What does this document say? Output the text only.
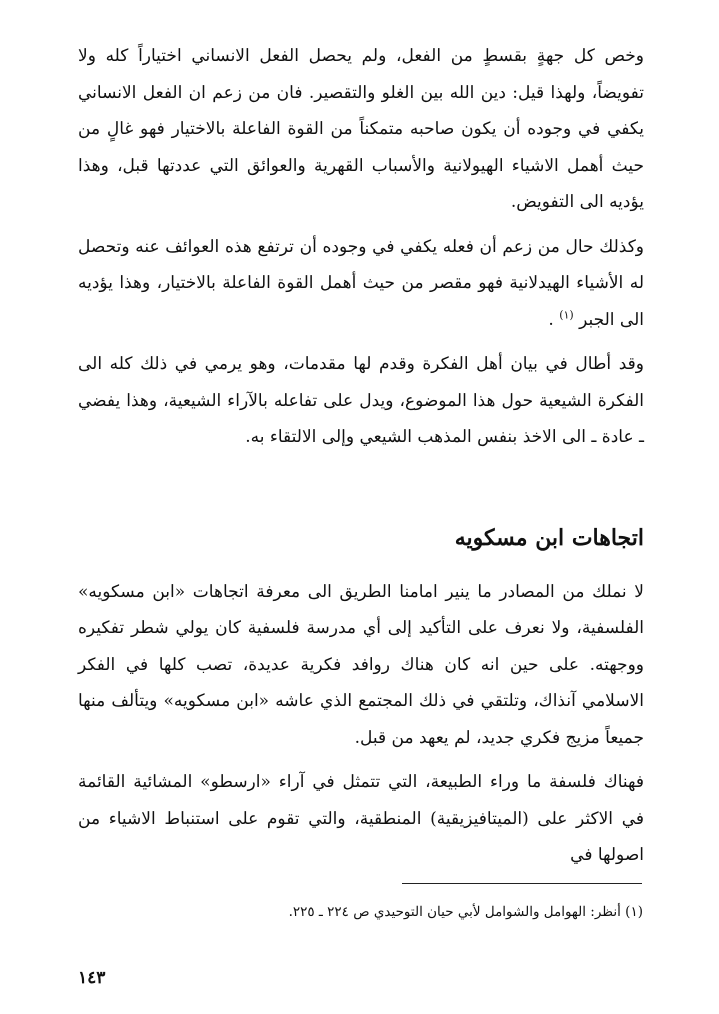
وخص كل جهةٍ بقسطٍ من الفعل، ولم يحصل الفعل الانساني اختياراً كله ولا تفويضاً، ولهذا قيل: دين الله بين الغلو والتقصير. فان من زعم ان الفعل الانساني يكفي في وجوده أن يكون صاحبه متمكناً من القوة الفاعلة بالاختيار فهو غالٍ من حيث أهمل الاشياء الهيولانية والأسباب القهرية والعوائق التي عددتها قبل، وهذا يؤديه الى التفويض.

وكذلك حال من زعم أن فعله يكفي في وجوده أن ترتفع هذه العوائف عنه وتحصل له الأشياء الهيدلانية فهو مقصر من حيث أهمل القوة الفاعلة بالاختيار، وهذا يؤديه الى الجبر $^{(١)}$ .

وقد أطال في بيان أهل الفكرة وقدم لها مقدمات، وهو يرمي في ذلك كله الى الفكرة الشيعية حول هذا الموضوع، ويدل على تفاعله بالآراء الشيعية، وهذا يفضي ـ عادة ـ الى الاخذ بنفس المذهب الشيعي وإلى الالتقاء به.

اتجاهات ابن مسكويه

لا نملك من المصادر ما ينير امامنا الطريق الى معرفة اتجاهات «ابن مسكويه» الفلسفية، ولا نعرف على التأكيد إلى أي مدرسة فلسفية كان يولي شطر تفكيره ووجهته. على حين انه كان هناك روافد فكرية عديدة، تصب كلها في الفكر الاسلامي آنذاك، وتلتقي في ذلك المجتمع الذي عاشه «ابن مسكويه» ويتألف منها جميعاً مزيج فكري جديد، لم يعهد من قبل.

فهناك فلسفة ما وراء الطبيعة، التي تتمثل في آراء «ارسطو» المشائية القائمة في الاكثر على (الميتافيزيقية) المنطقية، والتي تقوم على استنباط الاشياء من اصولها في

(١) أنظر: الهوامل والشوامل لأبي حيان التوحيدي ص ٢٢٤ ـ ٢٢٥.
١٤٣
